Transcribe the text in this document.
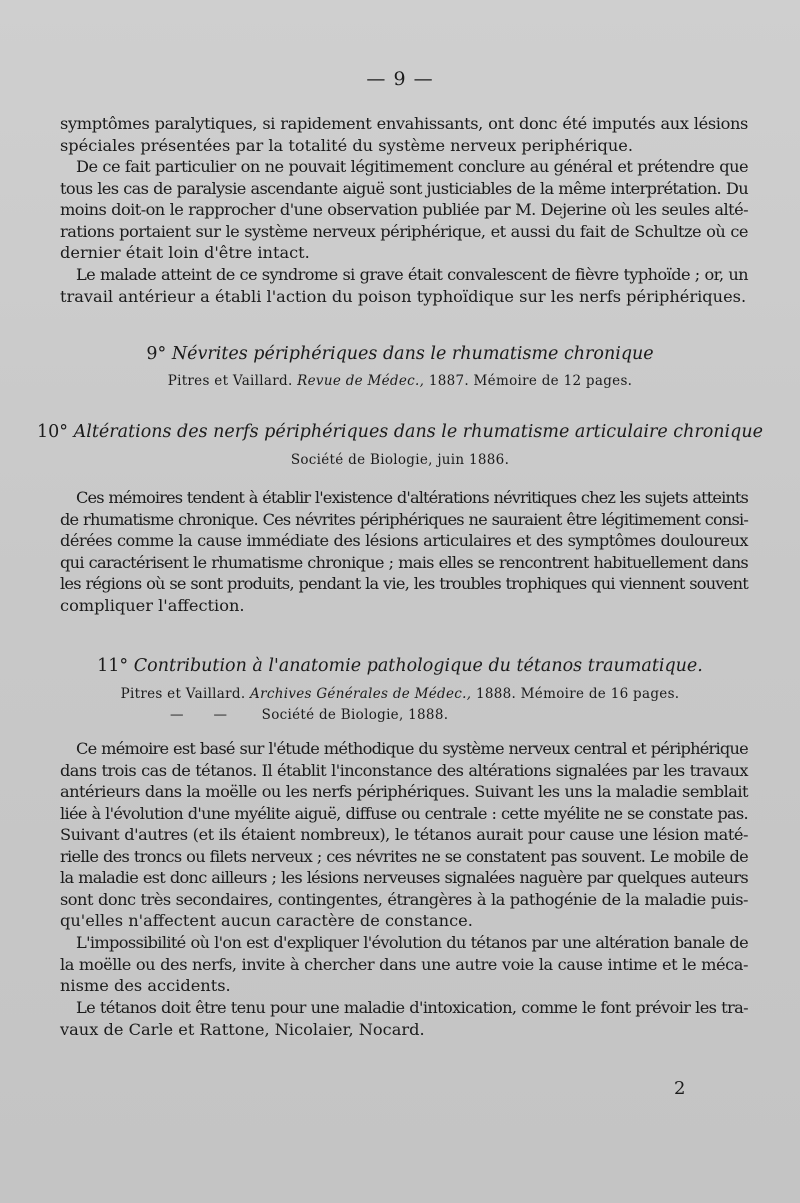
— 9 —
symptômes paralytiques, si rapidement envahissants, ont donc été imputés aux lésions
spéciales présentées par la totalité du système nerveux periphérique.
De ce fait particulier on ne pouvait légitimement conclure au général et prétendre que
tous les cas de paralysie ascendante aiguë sont justiciables de la même interprétation. Du
moins doit-on le rapprocher d'une observation publiée par M. Dejerine où les seules alté-
rations portaient sur le système nerveux périphérique, et aussi du fait de Schultze où ce
dernier était loin d'être intact.
Le malade atteint de ce syndrome si grave était convalescent de fièvre typhoïde ; or, un
travail antérieur a établi l'action du poison typhoïdique sur les nerfs périphériques.
9° Névrites périphériques dans le rhumatisme chronique
Pitres et Vaillard. Revue de Médec., 1887. Mémoire de 12 pages.
10° Altérations des nerfs périphériques dans le rhumatisme articulaire chronique
Société de Biologie, juin 1886.
Ces mémoires tendent à établir l'existence d'altérations névritiques chez les sujets atteints
de rhumatisme chronique. Ces névrites périphériques ne sauraient être légitimement consi-
dérées comme la cause immédiate des lésions articulaires et des symptômes douloureux
qui caractérisent le rhumatisme chronique ; mais elles se rencontrent habituellement dans
les régions où se sont produits, pendant la vie, les troubles trophiques qui viennent souvent
compliquer l'affection.
11° Contribution à l'anatomie pathologique du tétanos traumatique.
Pitres et Vaillard. Archives Générales de Médec., 1888. Mémoire de 16 pages.
—       —	Société de Biologie, 1888.
Ce mémoire est basé sur l'étude méthodique du système nerveux central et périphérique
dans trois cas de tétanos. Il établit l'inconstance des altérations signalées par les travaux
antérieurs dans la moëlle ou les nerfs périphériques. Suivant les uns la maladie semblait
liée à l'évolution d'une myélite aiguë, diffuse ou centrale : cette myélite ne se constate pas.
Suivant d'autres (et ils étaient nombreux), le tétanos aurait pour cause une lésion maté-
rielle des troncs ou filets nerveux ; ces névrites ne se constatent pas souvent. Le mobile de
la maladie est donc ailleurs ; les lésions nerveuses signalées naguère par quelques auteurs
sont donc très secondaires, contingentes, étrangères à la pathogénie de la maladie puis-
qu'elles n'affectent aucun caractère de constance.
L'impossibilité où l'on est d'expliquer l'évolution du tétanos par une altération banale de
la moëlle ou des nerfs, invite à chercher dans une autre voie la cause intime et le méca-
nisme des accidents.
Le tétanos doit être tenu pour une maladie d'intoxication, comme le font prévoir les tra-
vaux de Carle et Rattone, Nicolaier, Nocard.
2
